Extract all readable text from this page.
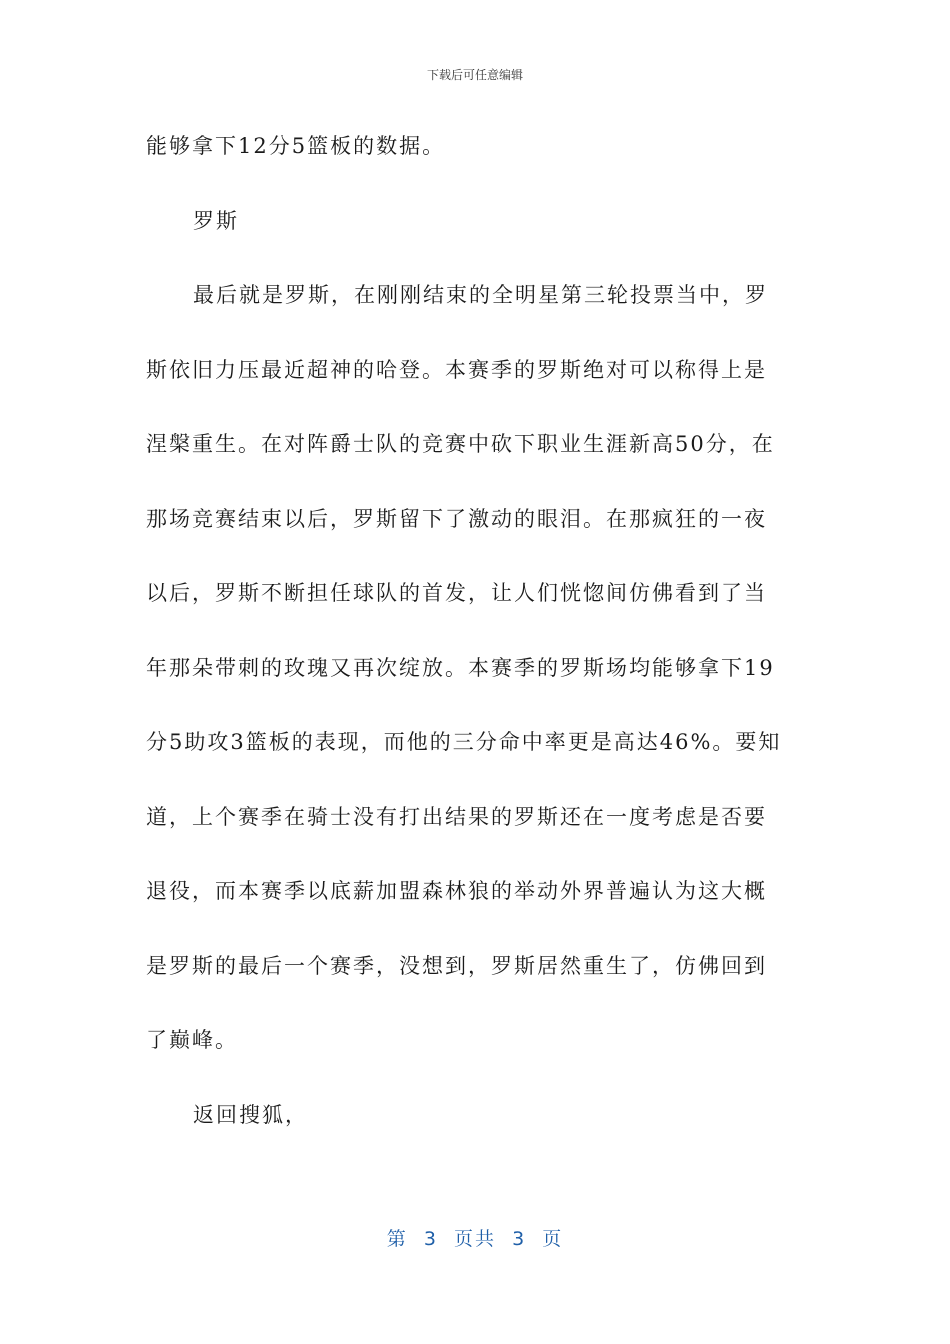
下载后可任意编辑
能够拿下12分5篮板的数据。
罗斯
最后就是罗斯，在刚刚结束的全明星第三轮投票当中，罗
斯依旧力压最近超神的哈登。本赛季的罗斯绝对可以称得上是
涅槃重生。在对阵爵士队的竞赛中砍下职业生涯新高50分，在
那场竞赛结束以后，罗斯留下了激动的眼泪。在那疯狂的一夜
以后，罗斯不断担任球队的首发，让人们恍惚间仿佛看到了当
年那朵带刺的玫瑰又再次绽放。本赛季的罗斯场均能够拿下19
分5助攻3篮板的表现，而他的三分命中率更是高达46%。要知
道，上个赛季在骑士没有打出结果的罗斯还在一度考虑是否要
退役，而本赛季以底薪加盟森林狼的举动外界普遍认为这大概
是罗斯的最后一个赛季，没想到，罗斯居然重生了，仿佛回到
了巅峰。
返回搜狐，
第  3  页共  3  页
